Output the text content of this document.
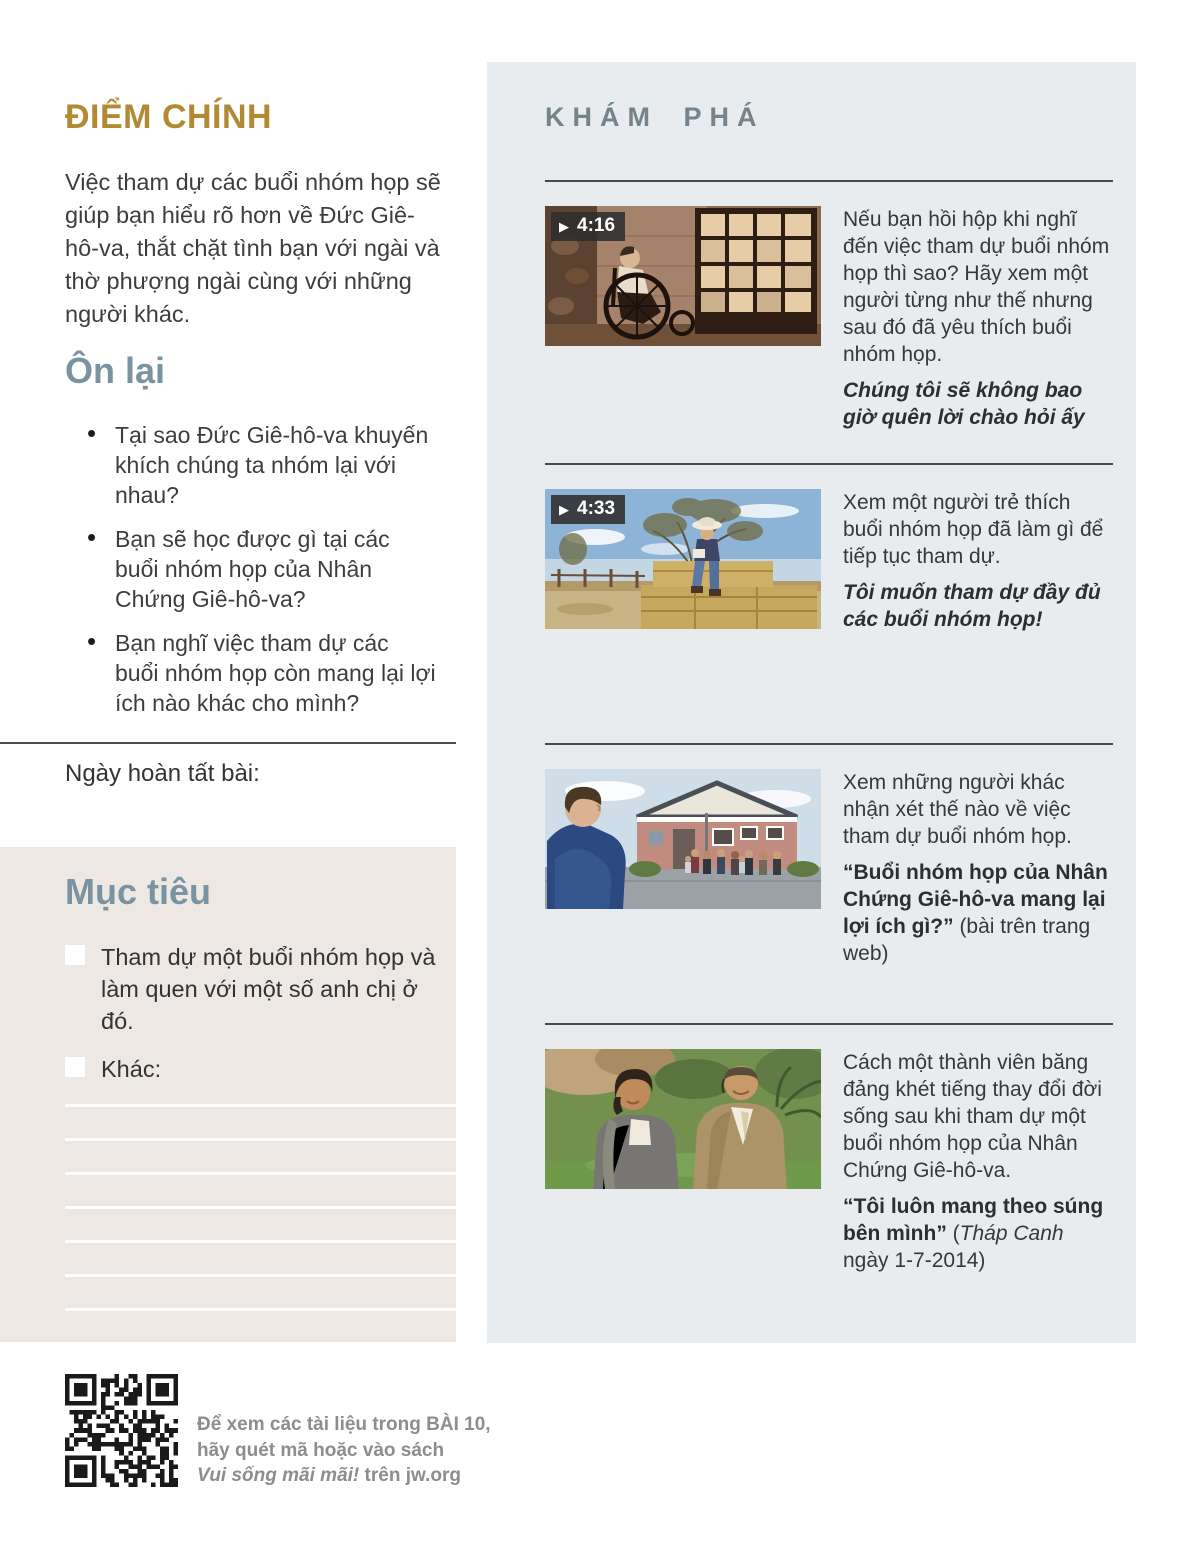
ĐIỂM CHÍNH

Việc tham dự các buổi nhóm họp sẽ giúp bạn hiểu rõ hơn về Đức Giê-hô-va, thắt chặt tình bạn với ngài và thờ phượng ngài cùng với những người khác.

Ôn lại
• Tại sao Đức Giê-hô-va khuyến khích chúng ta nhóm lại với nhau?
• Bạn sẽ học được gì tại các buổi nhóm họp của Nhân Chứng Giê-hô-va?
• Bạn nghĩ việc tham dự các buổi nhóm họp còn mang lại lợi ích nào khác cho mình?
Ngày hoàn tất bài:
Mục tiêu

Tham dự một buổi nhóm họp và làm quen với một số anh chị ở đó.

Khác:

Để xem các tài liệu trong BÀI 10,
hãy quét mã hoặc vào sách
Vui sống mãi mãi! trên jw.org
KHÁM PHÁ
▶ 4:16	Nếu bạn hồi hộp khi nghĩ đến việc tham dự buổi nhóm họp thì sao? Hãy xem một người từng như thế nhưng sau đó đã yêu thích buổi nhóm họp.

Chúng tôi sẽ không bao giờ quên lời chào hỏi ấy

▶ 4:33	Xem một người trẻ thích buổi nhóm họp đã làm gì để tiếp tục tham dự.

Tôi muốn tham dự đầy đủ các buổi nhóm họp!

Xem những người khác nhận xét thế nào về việc tham dự buổi nhóm họp.

“Buổi nhóm họp của Nhân Chứng Giê-hô-va mang lại lợi ích gì?” (bài trên trang web)

Cách một thành viên băng đảng khét tiếng thay đổi đời sống sau khi tham dự một buổi nhóm họp của Nhân Chứng Giê-hô-va.

“Tôi luôn mang theo súng bên mình” (Tháp Canh ngày 1-7-2014)
